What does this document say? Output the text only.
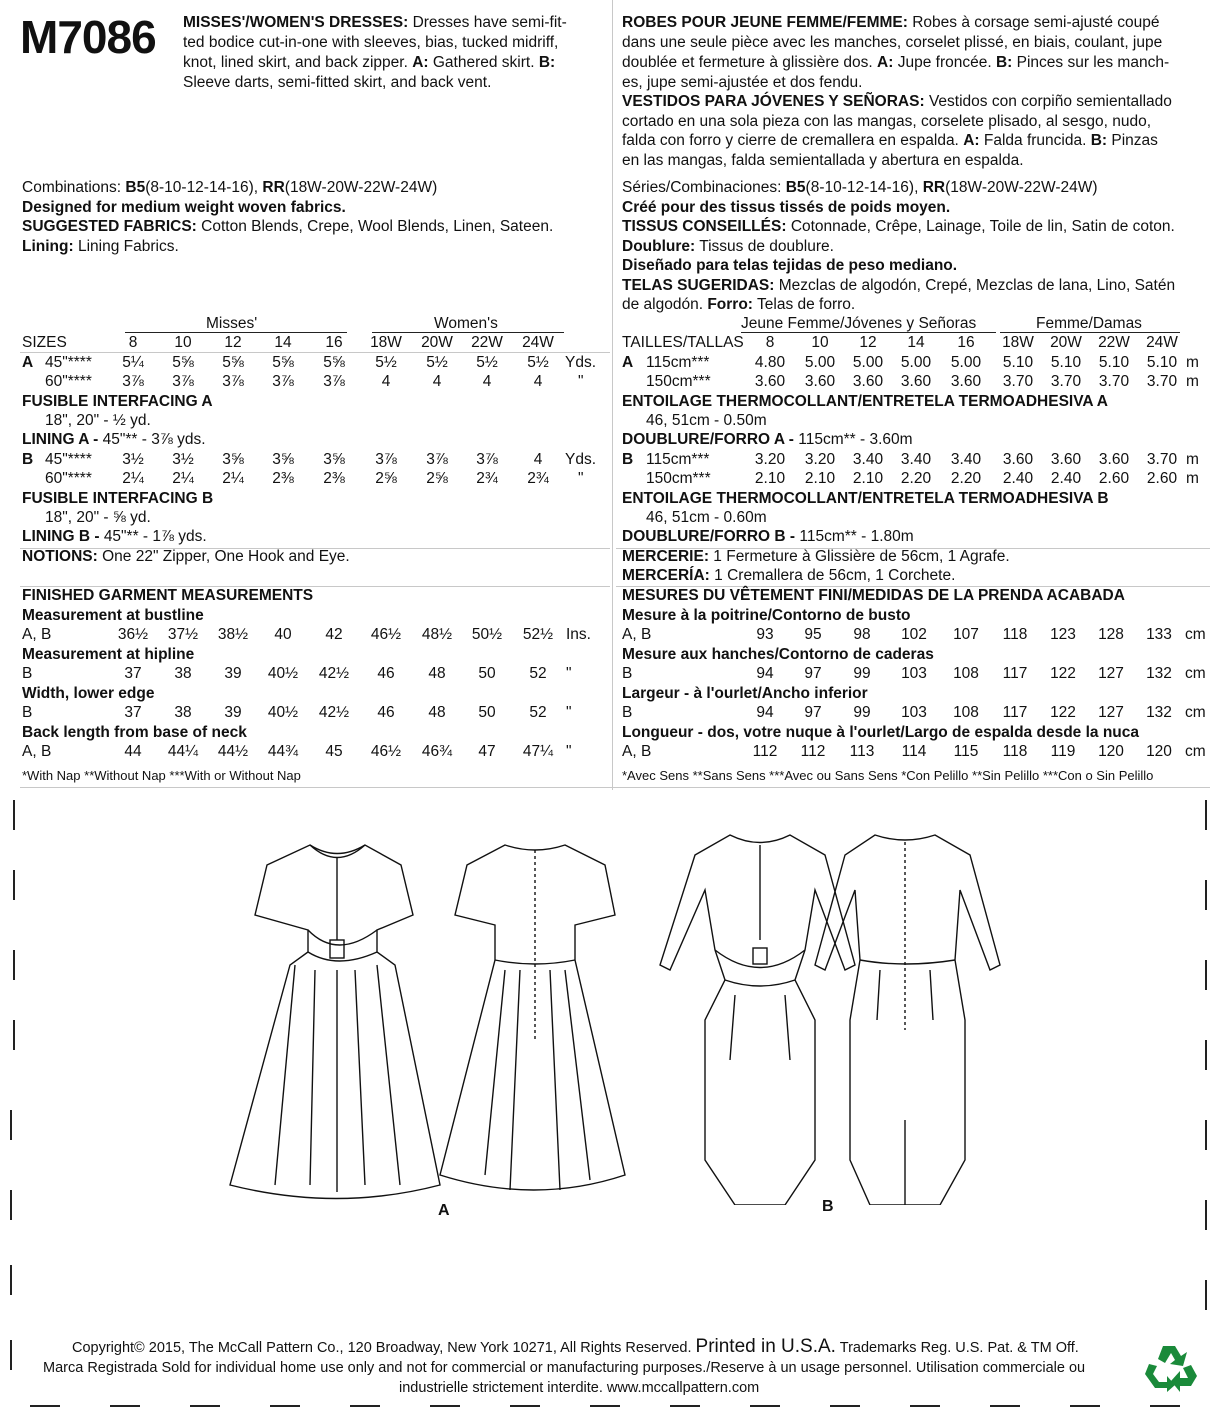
M7086 MISSES'/WOMEN'S DRESSES: Dresses have semi-fit-
ted bodice cut-in-one with sleeves, bias, tucked midriff,
knot, lined skirt, and back zipper. A: Gathered skirt. B:
Sleeve darts, semi-fitted skirt, and back vent.
ROBES POUR JEUNE FEMME/FEMME: Robes à corsage semi-ajusté coupé
dans une seule pièce avec les manches, corselet plissé, en biais, coulant, jupe
doublée et fermeture à glissière dos. A: Jupe froncée. B: Pinces sur les manch-
es, jupe semi-ajustée et dos fendu.
VESTIDOS PARA JÓVENES Y SEÑORAS: Vestidos con corpiño semientallado
cortado en una sola pieza con las mangas, corselete plisado, al sesgo, nudo,
falda con forro y cierre de cremallera en espalda. A: Falda fruncida. B: Pinzas
en las mangas, falda semientallada y abertura en espalda.
Combinations: B5(8-10-12-14-16), RR(18W-20W-22W-24W)
Designed for medium weight woven fabrics.
SUGGESTED FABRICS: Cotton Blends, Crepe, Wool Blends, Linen, Sateen.
Lining: Lining Fabrics.
Séries/Combinaciones: B5(8-10-12-14-16), RR(18W-20W-22W-24W)
Créé pour des tissus tissés de poids moyen.
TISSUS CONSEILLÉS: Cotonnade, Crêpe, Lainage, Toile de lin, Satin de coton.
Doublure: Tissus de doublure.
Diseñado para telas tejidas de peso mediano.
TELAS SUGERIDAS: Mezclas de algodón, Crepé, Mezclas de lana, Lino, Satén
de algodón. Forro: Telas de forro.
Misses'	Women's
SIZES	8	10	12	14	16	18W	20W	22W	24W
A 45"****	5¼	5⅝	5⅝	5⅝	5⅝	5½	5½	5½	5½	Yds.
60"****	3⅞	3⅞	3⅞	3⅞	3⅞	4	4	4	4	"
FUSIBLE INTERFACING A
18", 20" - ½ yd.
LINING A - 45"** - 3⅞ yds.
B 45"****	3½	3½	3⅝	3⅝	3⅝	3⅞	3⅞	3⅞	4	Yds.
60"****	2¼	2¼	2¼	2⅜	2⅜	2⅝	2⅝	2¾	2¾	"
FUSIBLE INTERFACING B
18", 20" - ⅝ yd.
LINING B - 45"** - 1⅞ yds.
NOTIONS: One 22" Zipper, One Hook and Eye.
Jeune Femme/Jóvenes y Señoras	Femme/Damas
TAILLES/TALLAS	8	10	12	14	16	18W	20W	22W	24W
A 115cm***	4.80	5.00	5.00	5.00	5.00	5.10	5.10	5.10	5.10 m
150cm***	3.60	3.60	3.60	3.60	3.60	3.70	3.70	3.70	3.70 m
ENTOILAGE THERMOCOLLANT/ENTRETELA TERMOADHESIVA A
46, 51cm - 0.50m
DOUBLURE/FORRO A - 115cm** - 3.60m
B 115cm***	3.20	3.20	3.40	3.40	3.40	3.60	3.60	3.60	3.70 m
150cm***	2.10	2.10	2.10	2.20	2.20	2.40	2.40	2.60	2.60 m
ENTOILAGE THERMOCOLLANT/ENTRETELA TERMOADHESIVA B
46, 51cm - 0.60m
DOUBLURE/FORRO B - 115cm** - 1.80m
MERCERIE: 1 Fermeture à Glissière de 56cm, 1 Agrafe.
MERCERÍA: 1 Cremallera de 56cm, 1 Corchete.
FINISHED GARMENT MEASUREMENTS
Measurement at bustline
A, B	36½	37½	38½	40	42	46½	48½	50½	52½ Ins.
Measurement at hipline
B	37	38	39	40½	42½	46	48	50	52	"
Width, lower edge
B	37	38	39	40½	42½	46	48	50	52	"
Back length from base of neck
A, B	44	44¼	44½	44¾	45	46½	46¾	47	47¼ "
*With Nap **Without Nap ***With or Without Nap
MESURES DU VÊTEMENT FINI/MEDIDAS DE LA PRENDA ACABADA
Mesure à la poitrine/Contorno de busto
A, B	93	95	98	102	107	118	123	128	133 cm
Mesure aux hanches/Contorno de caderas
B	94	97	99	103	108	117	122	127	132 cm
Largeur - à l'ourlet/Ancho inferior
B	94	97	99	103	108	117	122	127	132 cm
Longueur - dos, votre nuque à l'ourlet/Largo de espalda desde la nuca
A, B	112	112	113	114	115	118	119	120	120 cm
*Avec Sens **Sans Sens ***Avec ou Sans Sens *Con Pelillo **Sin Pelillo ***Con o Sin Pelillo
A	B
Copyright© 2015, The McCall Pattern Co., 120 Broadway, New York 10271, All Rights Reserved. Printed in U.S.A. Trademarks Reg. U.S. Pat. & TM Off.
Marca Registrada Sold for individual home use only and not for commercial or manufacturing purposes./Reserve à un usage personnel. Utilisation commerciale ou
industrielle strictement interdite. www.mccallpattern.com
